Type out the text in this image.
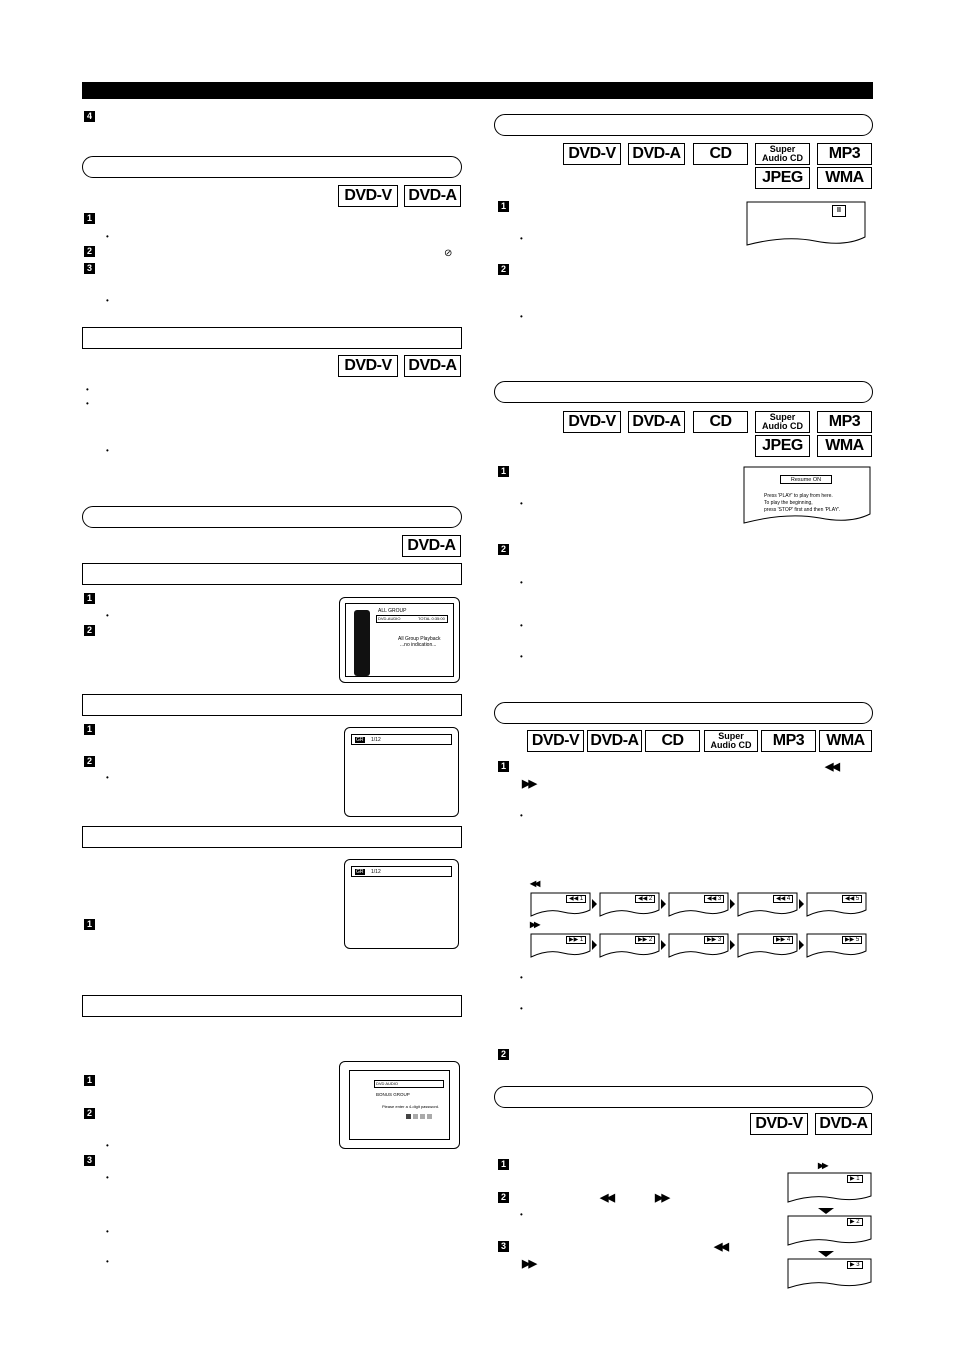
4
DVD-V	DVD-A
1
•
2	⊘
3
•
DVD-V	DVD-A
•
•
•
DVD-A
1
•
2
ALL GROUP
DVD-AUDIO	TOTAL 0:35:00
All Group Playback
...no indication...
1
2
•
GR 1/12
GR 1/12
1
DVD AUDIO
BONUS GROUP
Please enter a 4-digit password.
1
2
•
3
•
•
•
DVD-V	DVD-A	CD	Super
Audio CD	MP3
JPEG	WMA
1
•
II
2
•
DVD-V	DVD-A	CD	Super
Audio CD	MP3
JPEG	WMA
1
•
Resume ON
Press 'PLAY' to play from here.
To play the beginning,
press 'STOP' first and then 'PLAY'.
2
•
•
•
DVD-V DVD-A	CD	Super
Audio CD	MP3	WMA
1	◀◀
▶▶
•
◀◀
◀◀ 1	◀◀ 2	◀◀ 3	◀◀ 4	◀◀ 5
▶▶
▶▶ 1	▶▶ 2	▶▶ 3	▶▶ 4	▶▶ 5
•
•
2
DVD-V	DVD-A
1
2	◀◀	▶▶
•
3	◀◀
▶▶
▶▶
▶ 1
▶ 2
▶ 3
